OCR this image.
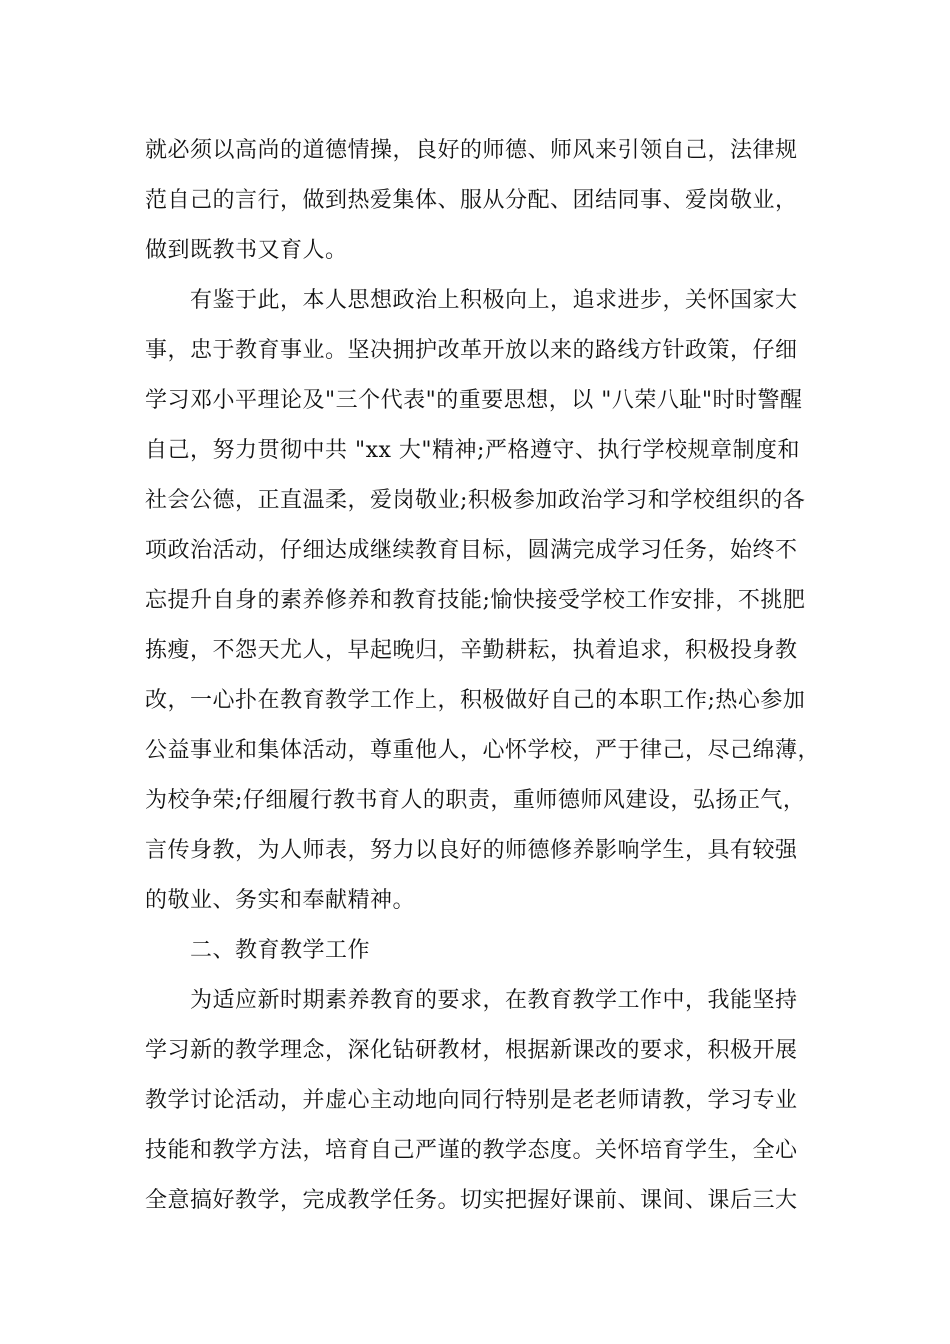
就必须以高尚的道德情操，良好的师德、师风来引领自己，法律规
范自己的言行，做到热爱集体、服从分配、团结同事、爱岗敬业，
做到既教书又育人。
有鉴于此，本人思想政治上积极向上，追求进步，关怀国家大
事，忠于教育事业。坚决拥护改革开放以来的路线方针政策，仔细
学习邓小平理论及"三个代表"的重要思想，以 "八荣八耻"时时警醒
自己，努力贯彻中共 "xx 大"精神;严格遵守、执行学校规章制度和
社会公德，正直温柔，爱岗敬业;积极参加政治学习和学校组织的各
项政治活动，仔细达成继续教育目标，圆满完成学习任务，始终不
忘提升自身的素养修养和教育技能;愉快接受学校工作安排，不挑肥
拣瘦，不怨天尤人，早起晚归，辛勤耕耘，执着追求，积极投身教
改，一心扑在教育教学工作上，积极做好自己的本职工作;热心参加
公益事业和集体活动，尊重他人，心怀学校，严于律己，尽己绵薄，
为校争荣;仔细履行教书育人的职责，重师德师风建设，弘扬正气，
言传身教，为人师表，努力以良好的师德修养影响学生，具有较强
的敬业、务实和奉献精神。
二、教育教学工作
为适应新时期素养教育的要求，在教育教学工作中，我能坚持
学习新的教学理念，深化钻研教材，根据新课改的要求，积极开展
教学讨论活动，并虚心主动地向同行特别是老老师请教，学习专业
技能和教学方法，培育自己严谨的教学态度。关怀培育学生，全心
全意搞好教学，完成教学任务。切实把握好课前、课间、课后三大
